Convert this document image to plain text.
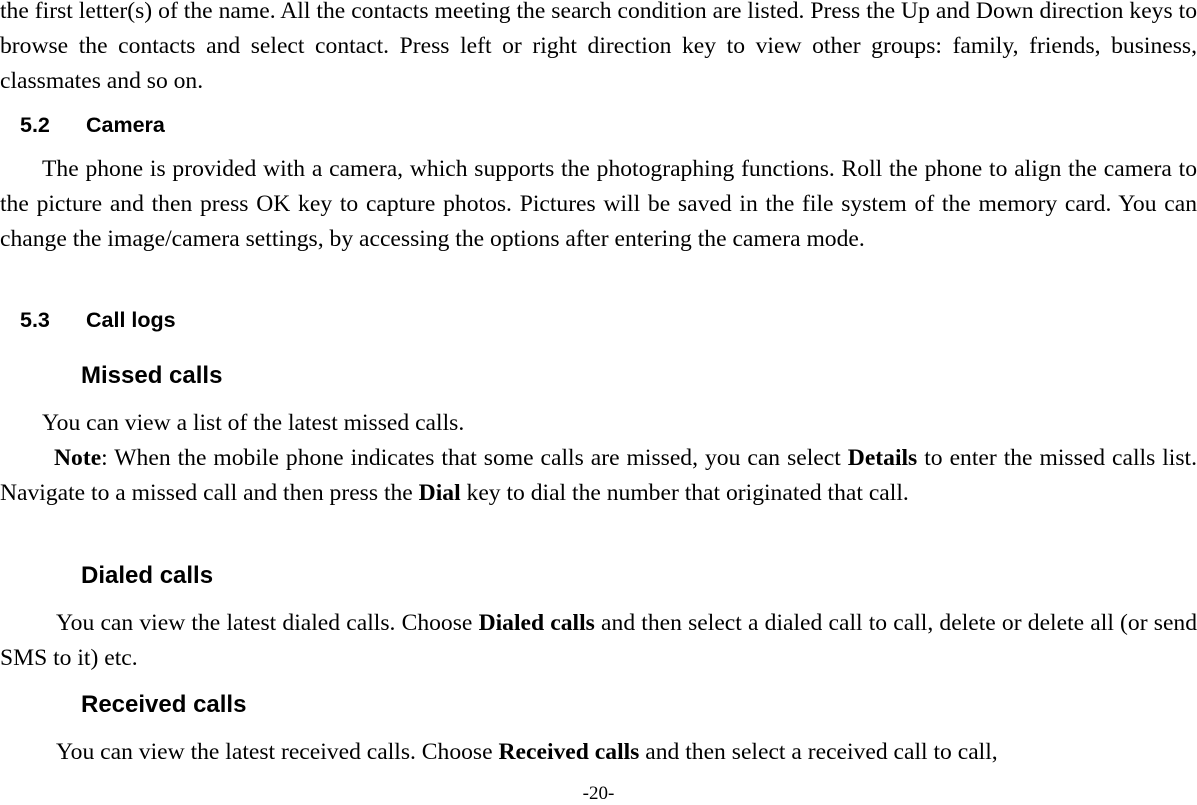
the first letter(s) of the name. All the contacts meeting the search condition are listed. Press the Up and Down direction keys to browse the contacts and select contact. Press left or right direction key to view other groups: family, friends, business, classmates and so on.

5.2 Camera

The phone is provided with a camera, which supports the photographing functions. Roll the phone to align the camera to the picture and then press OK key to capture photos. Pictures will be saved in the file system of the memory card. You can change the image/camera settings, by accessing the options after entering the camera mode.

5.3 Call logs
Missed calls

You can view a list of the latest missed calls.

Note: When the mobile phone indicates that some calls are missed, you can select Details to enter the missed calls list. Navigate to a missed call and then press the Dial key to dial the number that originated that call.

Dialed calls

You can view the latest dialed calls. Choose Dialed calls and then select a dialed call to call, delete or delete all (or send SMS to it) etc.

Received calls

You can view the latest received calls. Choose Received calls and then select a received call to call,

-20-
